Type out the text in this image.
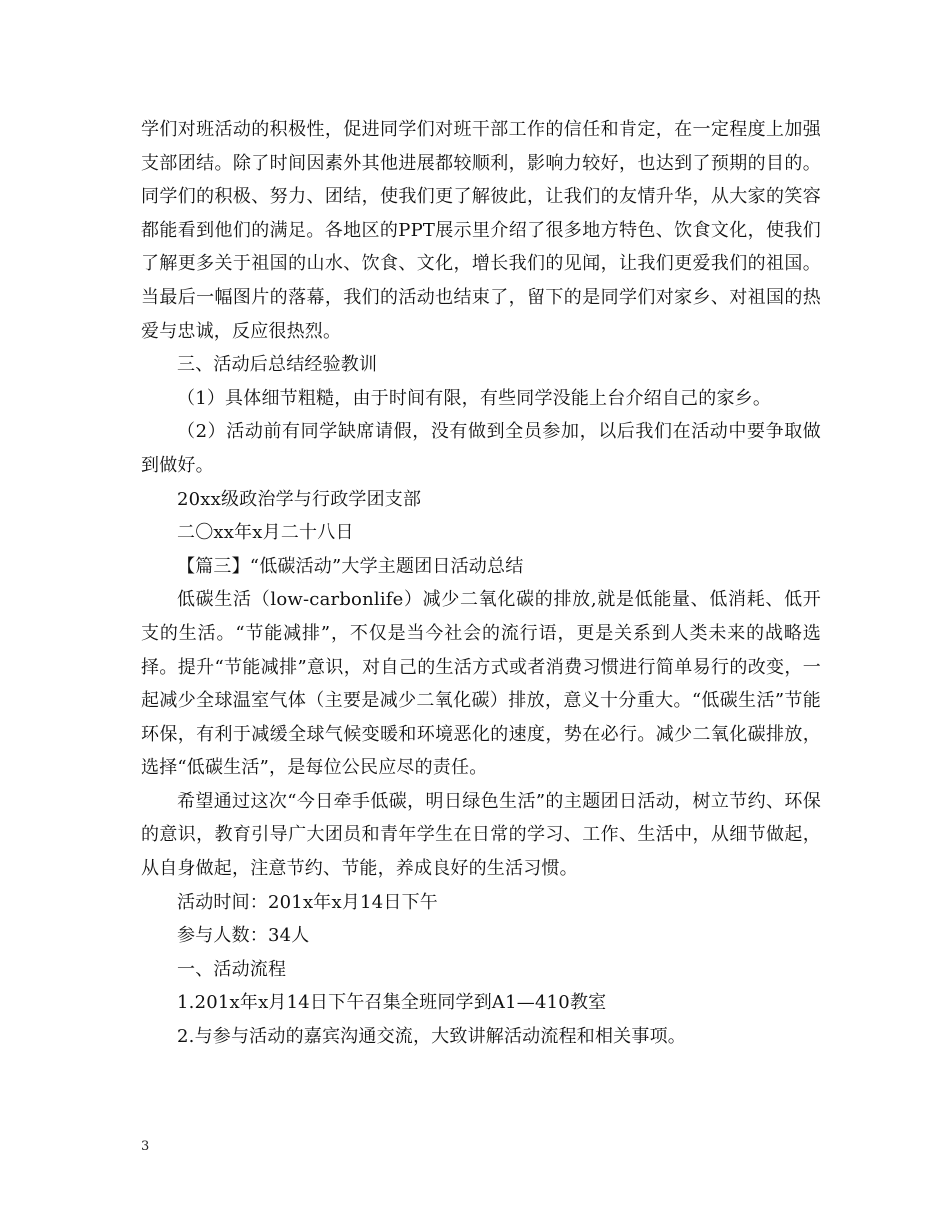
学们对班活动的积极性，促进同学们对班干部工作的信任和肯定，在一定程度上加强支部团结。除了时间因素外其他进展都较顺利，影响力较好，也达到了预期的目的。同学们的积极、努力、团结，使我们更了解彼此，让我们的友情升华，从大家的笑容都能看到他们的满足。各地区的PPT展示里介绍了很多地方特色、饮食文化，使我们了解更多关于祖国的山水、饮食、文化，增长我们的见闻，让我们更爱我们的祖国。当最后一幅图片的落幕，我们的活动也结束了，留下的是同学们对家乡、对祖国的热爱与忠诚，反应很热烈。

三、活动后总结经验教训

（1）具体细节粗糙，由于时间有限，有些同学没能上台介绍自己的家乡。

（2）活动前有同学缺席请假，没有做到全员参加，以后我们在活动中要争取做到做好。

20xx级政治学与行政学团支部

二〇xx年x月二十八日

【篇三】“低碳活动”大学主题团日活动总结

低碳生活（low-carbonlife）减少二氧化碳的排放,就是低能量、低消耗、低开支的生活。“节能减排”，不仅是当今社会的流行语，更是关系到人类未来的战略选择。提升“节能减排”意识，对自己的生活方式或者消费习惯进行简单易行的改变，一起减少全球温室气体（主要是减少二氧化碳）排放，意义十分重大。“低碳生活”节能环保，有利于减缓全球气候变暖和环境恶化的速度，势在必行。减少二氧化碳排放，选择“低碳生活”，是每位公民应尽的责任。

希望通过这次“今日牵手低碳，明日绿色生活”的主题团日活动，树立节约、环保的意识，教育引导广大团员和青年学生在日常的学习、工作、生活中，从细节做起，从自身做起，注意节约、节能，养成良好的生活习惯。

活动时间：201x年x月14日下午

参与人数：34人

一、活动流程

1.201x年x月14日下午召集全班同学到A1—410教室

2.与参与活动的嘉宾沟通交流，大致讲解活动流程和相关事项。

3
